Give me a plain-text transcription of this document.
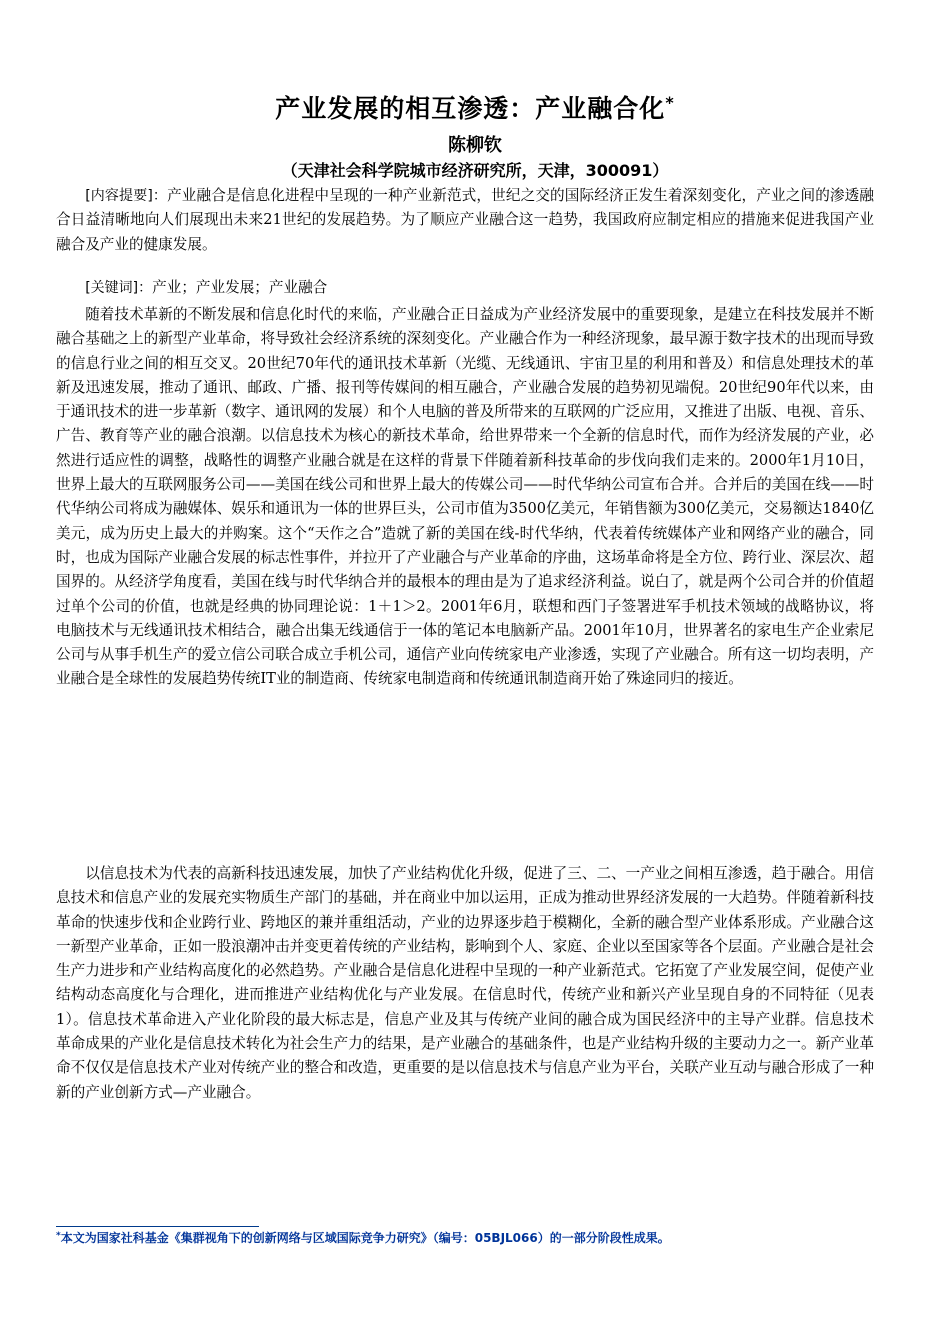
产业发展的相互渗透：产业融合化*
陈柳钦
（天津社会科学院城市经济研究所，天津，300091）
[内容提要]：产业融合是信息化进程中呈现的一种产业新范式，世纪之交的国际经济正发生着深刻变化，产业之间的渗透融合日益清晰地向人们展现出未来21世纪的发展趋势。为了顺应产业融合这一趋势，我国政府应制定相应的措施来促进我国产业融合及产业的健康发展。
[关键词]：产业；产业发展；产业融合
随着技术革新的不断发展和信息化时代的来临，产业融合正日益成为产业经济发展中的重要现象，是建立在科技发展并不断融合基础之上的新型产业革命，将导致社会经济系统的深刻变化。产业融合作为一种经济现象，最早源于数字技术的出现而导致的信息行业之间的相互交叉。20世纪70年代的通讯技术革新（光缆、无线通讯、宇宙卫星的利用和普及）和信息处理技术的革新及迅速发展，推动了通讯、邮政、广播、报刊等传媒间的相互融合，产业融合发展的趋势初见端倪。20世纪90年代以来，由于通讯技术的进一步革新（数字、通讯网的发展）和个人电脑的普及所带来的互联网的广泛应用，又推进了出版、电视、音乐、广告、教育等产业的融合浪潮。以信息技术为核心的新技术革命，给世界带来一个全新的信息时代，而作为经济发展的产业，必然进行适应性的调整，战略性的调整产业融合就是在这样的背景下伴随着新科技革命的步伐向我们走来的。2000年1月10日，世界上最大的互联网服务公司——美国在线公司和世界上最大的传媒公司——时代华纳公司宣布合并。合并后的美国在线——时代华纳公司将成为融媒体、娱乐和通讯为一体的世界巨头，公司市值为3500亿美元，年销售额为300亿美元，交易额达1840亿美元，成为历史上最大的并购案。这个“天作之合”造就了新的美国在线-时代华纳，代表着传统媒体产业和网络产业的融合，同时，也成为国际产业融合发展的标志性事件，并拉开了产业融合与产业革命的序曲，这场革命将是全方位、跨行业、深层次、超国界的。从经济学角度看，美国在线与时代华纳合并的最根本的理由是为了追求经济利益。说白了，就是两个公司合并的价值超过单个公司的价值，也就是经典的协同理论说：1＋1＞2。2001年6月，联想和西门子签署进军手机技术领域的战略协议，将电脑技术与无线通讯技术相结合，融合出集无线通信于一体的笔记本电脑新产品。2001年10月，世界著名的家电生产企业索尼公司与从事手机生产的爱立信公司联合成立手机公司，通信产业向传统家电产业渗透，实现了产业融合。所有这一切均表明，产业融合是全球性的发展趋势传统IT业的制造商、传统家电制造商和传统通讯制造商开始了殊途同归的接近。
以信息技术为代表的高新科技迅速发展，加快了产业结构优化升级，促进了三、二、一产业之间相互渗透，趋于融合。用信息技术和信息产业的发展充实物质生产部门的基础，并在商业中加以运用，正成为推动世界经济发展的一大趋势。伴随着新科技革命的快速步伐和企业跨行业、跨地区的兼并重组活动，产业的边界逐步趋于模糊化，全新的融合型产业体系形成。产业融合这一新型产业革命，正如一股浪潮冲击并变更着传统的产业结构，影响到个人、家庭、企业以至国家等各个层面。产业融合是社会生产力进步和产业结构高度化的必然趋势。产业融合是信息化进程中呈现的一种产业新范式。它拓宽了产业发展空间，促使产业结构动态高度化与合理化，进而推进产业结构优化与产业发展。在信息时代，传统产业和新兴产业呈现自身的不同特征（见表1）。信息技术革命进入产业化阶段的最大标志是，信息产业及其与传统产业间的融合成为国民经济中的主导产业群。信息技术革命成果的产业化是信息技术转化为社会生产力的结果，是产业融合的基础条件，也是产业结构升级的主要动力之一。新产业革命不仅仅是信息技术产业对传统产业的整合和改造，更重要的是以信息技术与信息产业为平台，关联产业互动与融合形成了一种新的产业创新方式—产业融合。
*本文为国家社科基金《集群视角下的创新网络与区域国际竞争力研究》（编号：05BJL066）的一部分阶段性成果。
